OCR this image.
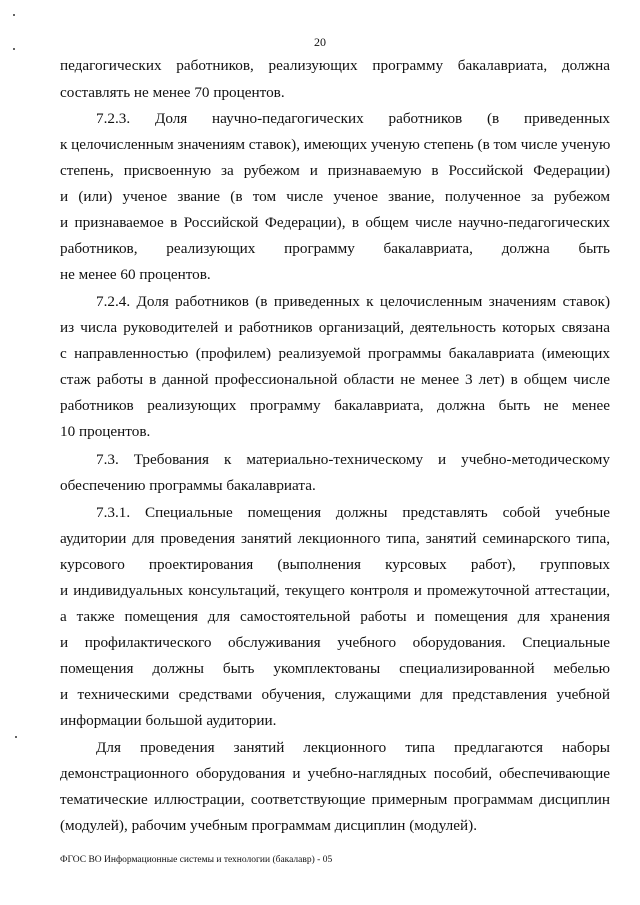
20
педагогических работников, реализующих программу бакалавриата, должна
составлять не менее 70 процентов.
7.2.3. Доля научно-педагогических работников (в приведенных
к целочисленным значениям ставок), имеющих ученую степень (в том числе ученую
степень, присвоенную за рубежом и признаваемую в Российской Федерации)
и (или) ученое звание (в том числе ученое звание, полученное за рубежом
и признаваемое в Российской Федерации), в общем числе научно-педагогических
работников, реализующих программу бакалавриата, должна быть
не менее 60 процентов.
7.2.4. Доля работников (в приведенных к целочисленным значениям ставок)
из числа руководителей и работников организаций, деятельность которых связана
с направленностью (профилем) реализуемой программы бакалавриата (имеющих
стаж работы в данной профессиональной области не менее 3 лет) в общем числе
работников реализующих программу бакалавриата, должна быть не менее
10 процентов.
7.3. Требования к материально-техническому и учебно-методическому
обеспечению программы бакалавриата.
7.3.1. Специальные помещения должны представлять собой учебные
аудитории для проведения занятий лекционного типа, занятий семинарского типа,
курсового проектирования (выполнения курсовых работ), групповых
и индивидуальных консультаций, текущего контроля и промежуточной аттестации,
а также помещения для самостоятельной работы и помещения для хранения
и профилактического обслуживания учебного оборудования. Специальные
помещения должны быть укомплектованы специализированной мебелью
и техническими средствами обучения, служащими для представления учебной
информации большой аудитории.
Для проведения занятий лекционного типа предлагаются наборы
демонстрационного оборудования и учебно-наглядных пособий, обеспечивающие
тематические иллюстрации, соответствующие примерным программам дисциплин
(модулей), рабочим учебным программам дисциплин (модулей).
ФГОС ВО Информационные системы и технологии (бакалавр) - 05
